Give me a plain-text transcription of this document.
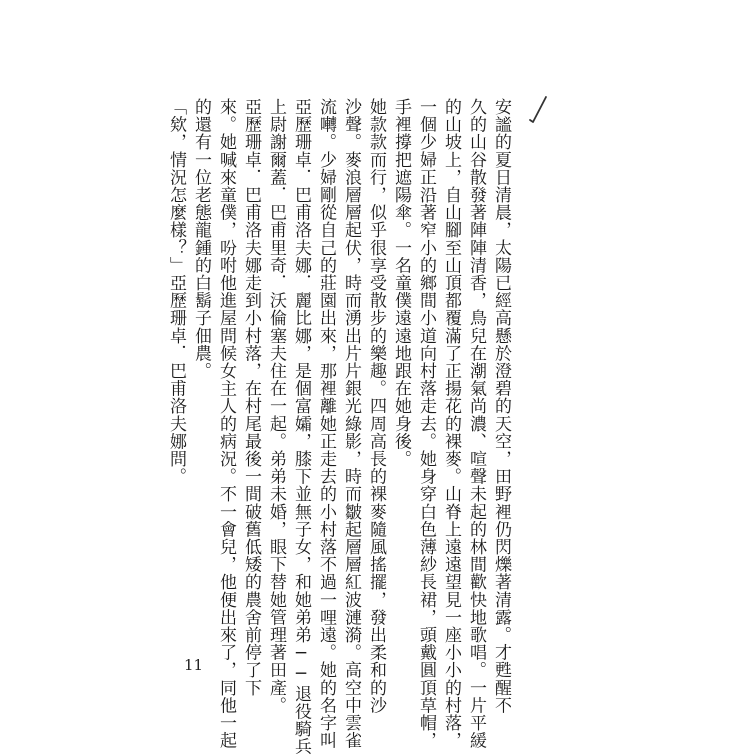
安謐的夏日清晨，太陽已經高懸於澄碧的天空，田野裡仍閃爍著清露。才甦醒不
久的山谷散發著陣陣清香，鳥兒在潮氣尚濃、喧聲未起的林間歡快地歌唱。一片平緩
的山坡上，自山腳至山頂都覆滿了正揚花的裸麥。山脊上遠遠望見一座小小的村落，
一個少婦正沿著窄小的鄉間小道向村落走去。她身穿白色薄紗長裙，頭戴圓頂草帽，
手裡撐把遮陽傘。一名童僕遠遠地跟在她身後。
她款款而行，似乎很享受散步的樂趣。四周高長的裸麥隨風搖擺，發出柔和的沙
沙聲。麥浪層層起伏，時而湧出片片銀光綠影，時而皺起層層紅波漣漪。高空中雲雀
流囀。少婦剛從自己的莊園出來，那裡離她正走去的小村落不過一哩遠。她的名字叫
亞歷珊卓．巴甫洛夫娜．麗比娜，是個富孀，膝下並無子女，和她弟弟──退役騎兵
上尉謝爾蓋．巴甫里奇．沃倫塞夫住在一起。弟弟未婚，眼下替她管理著田產。
亞歷珊卓．巴甫洛夫娜走到小村落，在村尾最後一間破舊低矮的農舍前停了下
來。她喊來童僕，吩咐他進屋問候女主人的病況。不一會兒，他便出來了，同他一起
的還有一位老態龍鍾的白鬍子佃農。
「欸，情況怎麼樣？」亞歷珊卓．巴甫洛夫娜問。
11
